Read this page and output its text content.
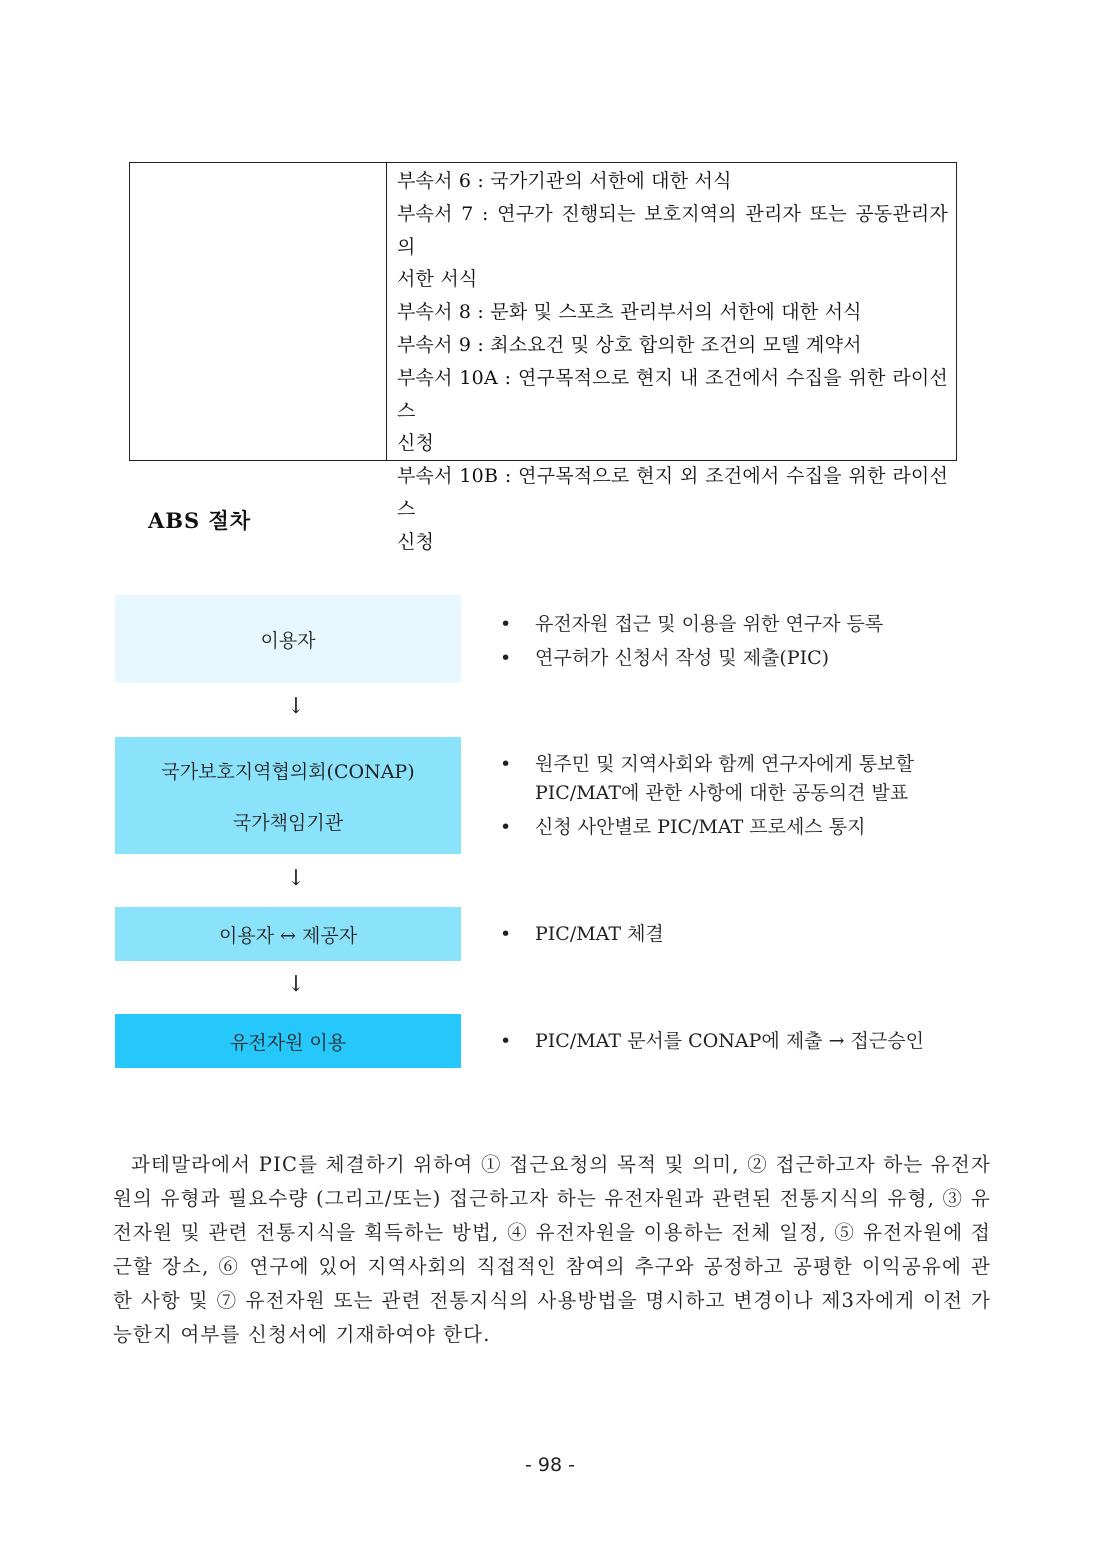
부속서 6 : 국가기관의 서한에 대한 서식
부속서 7 : 연구가 진행되는 보호지역의 관리자 또는 공동관리자의
서한 서식
부속서 8 : 문화 및 스포츠 관리부서의 서한에 대한 서식
부속서 9 : 최소요건 및 상호 합의한 조건의 모델 계약서
부속서 10A : 연구목적으로 현지 내 조건에서 수집을 위한 라이선스
신청
부속서 10B : 연구목적으로 현지 외 조건에서 수집을 위한 라이선스
신청
ABS 절차
이용자
• 유전자원 접근 및 이용을 위한 연구자 등록
• 연구허가 신청서 작성 및 제출(PIC)
↓
국가보호지역협의회(CONAP)
국가책임기관
• 원주민 및 지역사회와 함께 연구자에게 통보할 PIC/MAT에 관한 사항에 대한 공동의견 발표
• 신청 사안별로 PIC/MAT 프로세스 통지
↓
이용자 ↔ 제공자	• PIC/MAT 체결
↓
유전자원 이용	• PIC/MAT 문서를 CONAP에 제출 → 접근승인

과테말라에서 PIC를 체결하기 위하여 ① 접근요청의 목적 및 의미, ② 접근하고자 하는 유전자원의 유형과 필요수량 (그리고/또는) 접근하고자 하는 유전자원과 관련된 전통지식의 유형, ③ 유전자원 및 관련 전통지식을 획득하는 방법, ④ 유전자원을 이용하는 전체 일정, ⑤ 유전자원에 접근할 장소, ⑥ 연구에 있어 지역사회의 직접적인 참여의 추구와 공정하고 공평한 이익공유에 관한 사항 및 ⑦ 유전자원 또는 관련 전통지식의 사용방법을 명시하고 변경이나 제3자에게 이전 가능한지 여부를 신청서에 기재하여야 한다.

- 98 -
